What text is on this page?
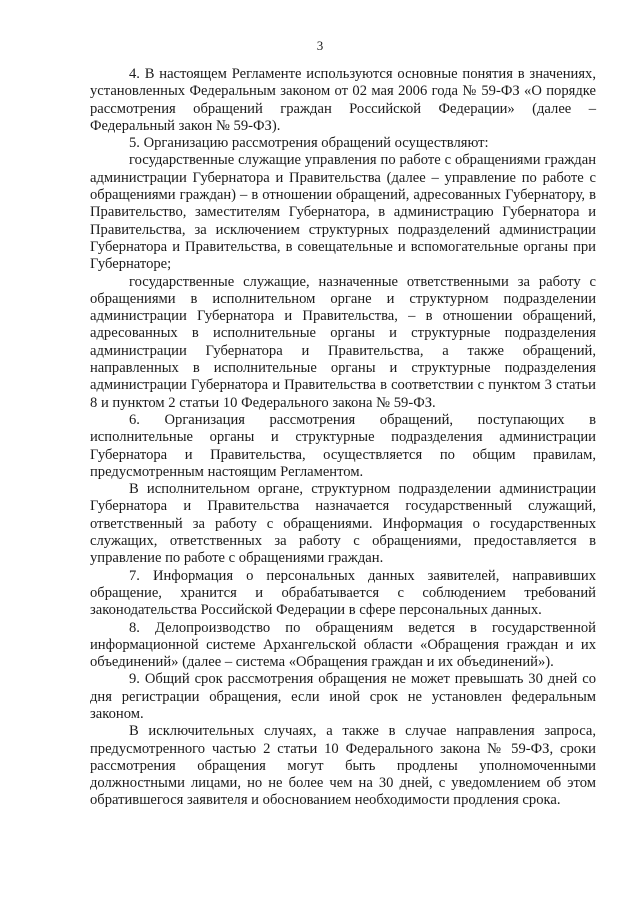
3

4. В настоящем Регламенте используются основные понятия в значениях, установленных Федеральным законом от 02 мая 2006 года № 59-ФЗ «О порядке рассмотрения обращений граждан Российской Федерации» (далее – Федеральный закон № 59-ФЗ).

5. Организацию рассмотрения обращений осуществляют:

государственные служащие управления по работе с обращениями граждан администрации Губернатора и Правительства (далее – управление по работе с обращениями граждан) – в отношении обращений, адресованных Губернатору, в Правительство, заместителям Губернатора, в администрацию Губернатора и Правительства, за исключением структурных подразделений администрации Губернатора и Правительства, в совещательные и вспомогательные органы при Губернаторе;

государственные служащие, назначенные ответственными за работу с обращениями в исполнительном органе и структурном подразделении администрации Губернатора и Правительства, – в отношении обращений, адресованных в исполнительные органы и структурные подразделения администрации Губернатора и Правительства, а также обращений, направленных в исполнительные органы и структурные подразделения администрации Губернатора и Правительства в соответствии с пунктом 3 статьи 8 и пунктом 2 статьи 10 Федерального закона № 59-ФЗ.

6. Организация рассмотрения обращений, поступающих в исполнительные органы и структурные подразделения администрации Губернатора и Правительства, осуществляется по общим правилам, предусмотренным настоящим Регламентом.

В исполнительном органе, структурном подразделении администрации Губернатора и Правительства назначается государственный служащий, ответственный за работу с обращениями. Информация о государственных служащих, ответственных за работу с обращениями, предоставляется в управление по работе с обращениями граждан.

7. Информация о персональных данных заявителей, направивших обращение, хранится и обрабатывается с соблюдением требований законодательства Российской Федерации в сфере персональных данных.

8. Делопроизводство по обращениям ведется в государственной информационной системе Архангельской области «Обращения граждан и их объединений» (далее – система «Обращения граждан и их объединений»).

9. Общий срок рассмотрения обращения не может превышать 30 дней со дня регистрации обращения, если иной срок не установлен федеральным законом.

В исключительных случаях, а также в случае направления запроса, предусмотренного частью 2 статьи 10 Федерального закона № 59-ФЗ, сроки рассмотрения обращения могут быть продлены уполномоченными должностными лицами, но не более чем на 30 дней, с уведомлением об этом обратившегося заявителя и обоснованием необходимости продления срока.
